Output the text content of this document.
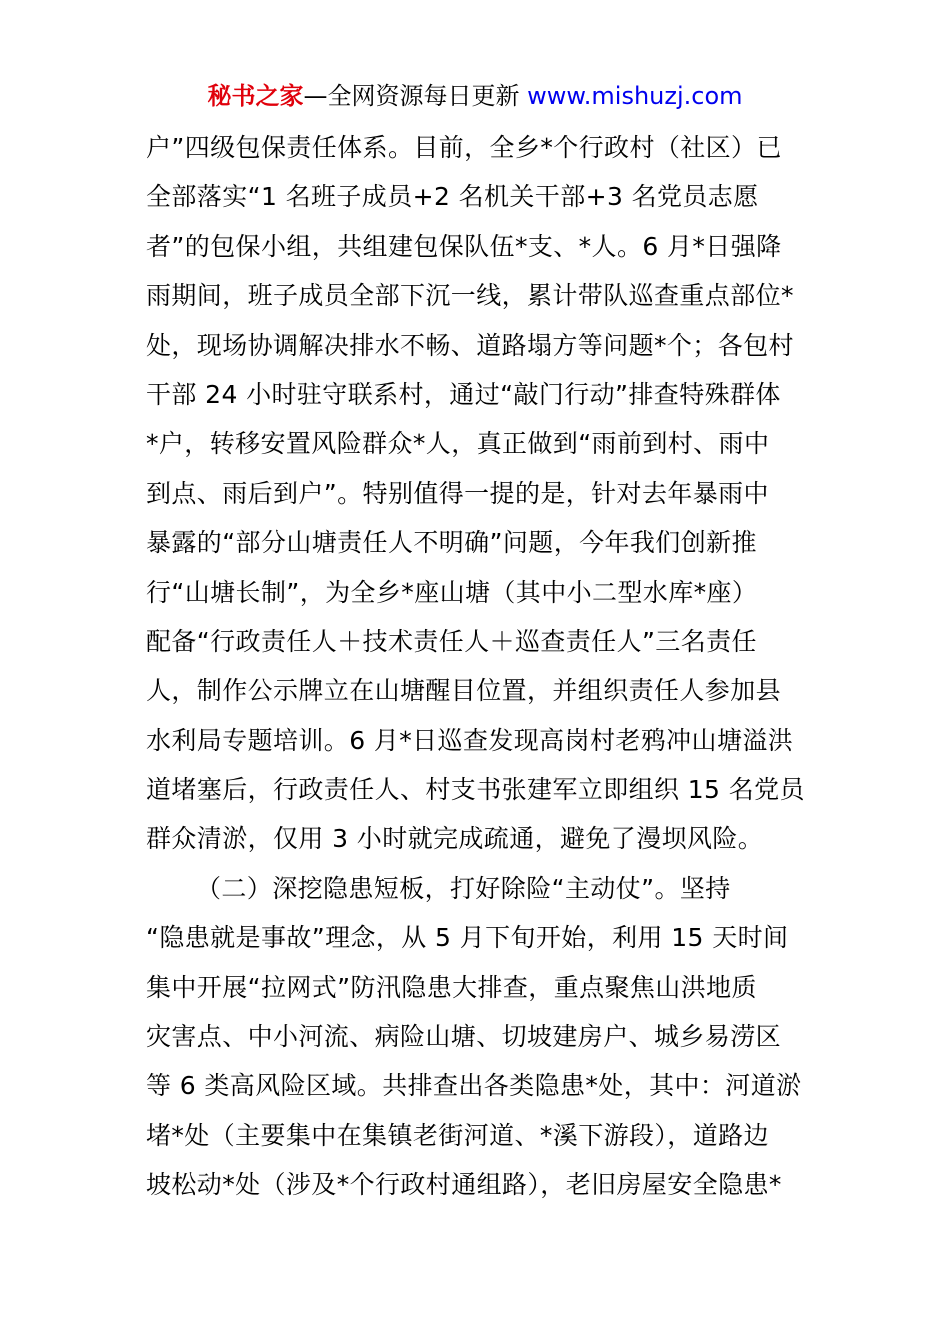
秘书之家—全网资源每日更新 www.mishuzj.com

户”四级包保责任体系。目前，全乡*个行政村（社区）已
全部落实“1 名班子成员+2 名机关干部+3 名党员志愿
者”的包保小组，共组建包保队伍*支、*人。6 月*日强降
雨期间，班子成员全部下沉一线，累计带队巡查重点部位*
处，现场协调解决排水不畅、道路塌方等问题*个；各包村
干部 24 小时驻守联系村，通过“敲门行动”排查特殊群体
*户，转移安置风险群众*人，真正做到“雨前到村、雨中
到点、雨后到户”。特别值得一提的是，针对去年暴雨中
暴露的“部分山塘责任人不明确”问题，今年我们创新推
行“山塘长制”，为全乡*座山塘（其中小二型水库*座）
配备“行政责任人＋技术责任人＋巡查责任人”三名责任
人，制作公示牌立在山塘醒目位置，并组织责任人参加县
水利局专题培训。6 月*日巡查发现高岗村老鸦冲山塘溢洪
道堵塞后，行政责任人、村支书张建军立即组织 15 名党员
群众清淤，仅用 3 小时就完成疏通，避免了漫坝风险。

（二）深挖隐患短板，打好除险“主动仗”。坚持
“隐患就是事故”理念，从 5 月下旬开始，利用 15 天时间
集中开展“拉网式”防汛隐患大排查，重点聚焦山洪地质
灾害点、中小河流、病险山塘、切坡建房户、城乡易涝区
等 6 类高风险区域。共排查出各类隐患*处，其中：河道淤
堵*处（主要集中在集镇老街河道、*溪下游段），道路边
坡松动*处（涉及*个行政村通组路），老旧房屋安全隐患*
